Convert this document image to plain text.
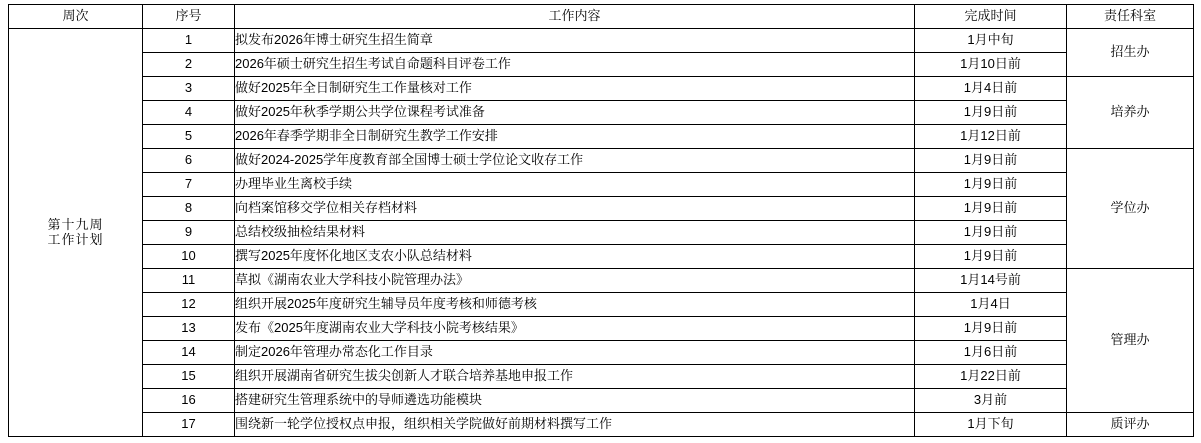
周次	序号	工作内容	完成时间	责任科室

第十九周
工作计划	1	拟发布2026年博士研究生招生简章	1月中旬	招生办
	2	2026年硕士研究生招生考试自命题科目评卷工作	1月10日前	
	3	做好2025年全日制研究生工作量核对工作	1月4日前	培养办
	4	做好2025年秋季学期公共学位课程考试准备	1月9日前	
	5	2026年春季学期非全日制研究生教学工作安排	1月12日前	
	6	做好2024-2025学年度教育部全国博士硕士学位论文收存工作	1月9日前	学位办
	7	办理毕业生离校手续	1月9日前	
	8	向档案馆移交学位相关存档材料	1月9日前	
	9	总结校级抽检结果材料	1月9日前	
	10	撰写2025年度怀化地区支农小队总结材料	1月9日前	
	11	草拟《湖南农业大学科技小院管理办法》	1月14号前	管理办
	12	组织开展2025年度研究生辅导员年度考核和师德考核	1月4日	
	13	发布《2025年度湖南农业大学科技小院考核结果》	1月9日前	
	14	制定2026年管理办常态化工作目录	1月6日前	
	15	组织开展湖南省研究生拔尖创新人才联合培养基地申报工作	1月22日前	
	16	搭建研究生管理系统中的导师遴选功能模块	3月前	
	17	围绕新一轮学位授权点申报，组织相关学院做好前期材料撰写工作	1月下旬	质评办
